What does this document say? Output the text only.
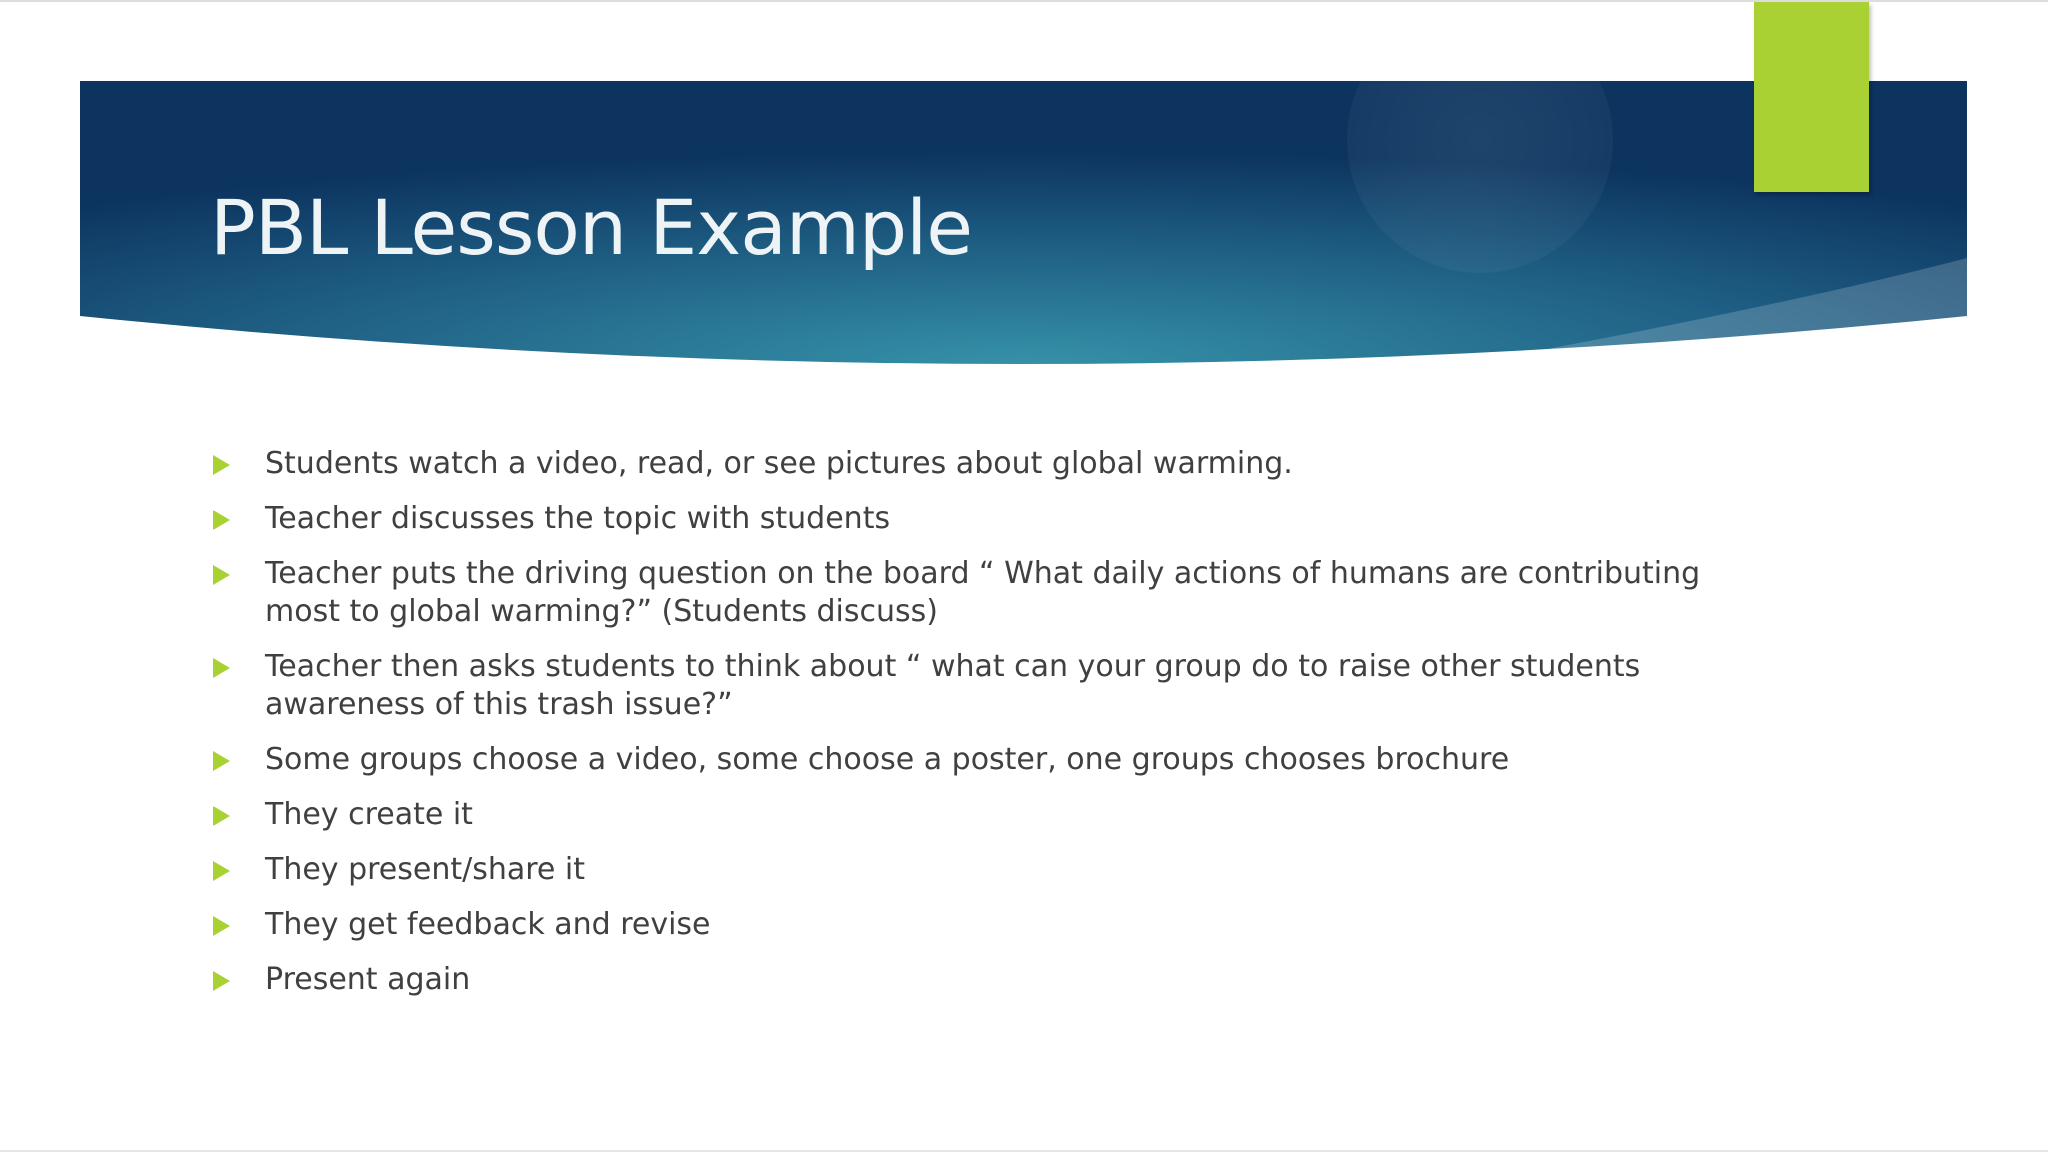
PBL Lesson Example
Students watch a video, read, or see pictures about global warming.
Teacher discusses the topic with students
Teacher puts the driving question on the board “ What daily actions of humans are contributing most to global warming?” (Students discuss)
Teacher then asks students to think about “ what can your group do to raise other students awareness of this trash issue?”
Some groups choose a video, some choose a poster, one groups chooses brochure
They create it
They present/share it
They get feedback and revise
Present again
